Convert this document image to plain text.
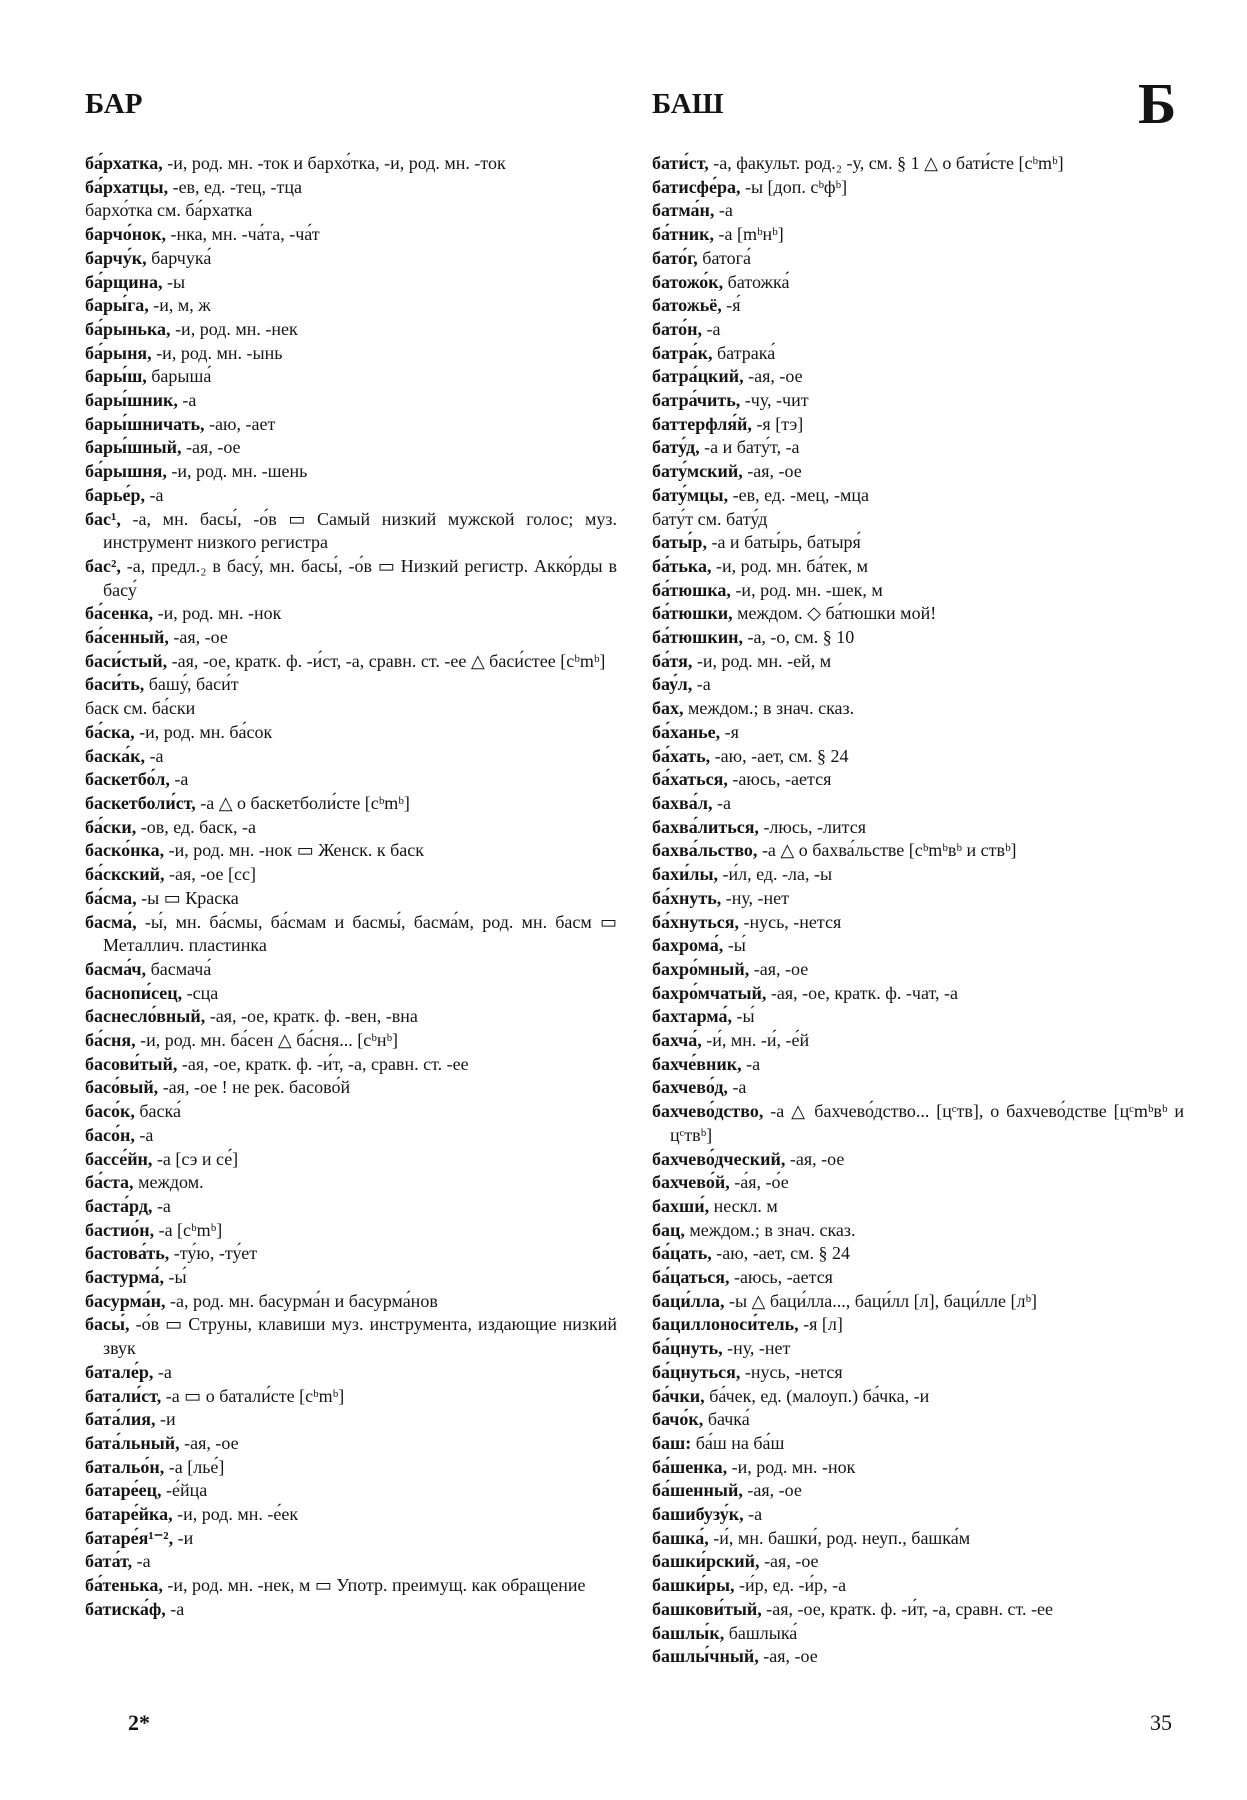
БАР	БАШ	Б
ба́рхатка, -и, род. мн. -ток и бархо́тка, -и, род. мн. -ток
ба́рхатцы, -ев, ед. -тец, -тца
бархо́тка см. ба́рхатка
барчо́нок, -нка, мн. -ча́та, -ча́т
барчу́к, барчука́
ба́рщина, -ы
бары́га, -и, м, ж
ба́рынька, -и, род. мн. -нек
ба́рыня, -и, род. мн. -ынь
бары́ш, барыша́
бары́шник, -а
бары́шничать, -аю, -ает
бары́шный, -ая, -ое
ба́рышня, -и, род. мн. -шень
барье́р, -а
бас¹, -а, мн. басы́, -о́в ▭ Самый низкий мужской голос; муз. инструмент низкого регистра
бас², -а, предл.₂ в басу́, мн. басы́, -о́в ▭ Низкий регистр. Акко́рды в басу́
ба́сенка, -и, род. мн. -нок
ба́сенный, -ая, -ое
баси́стый, -ая, -ое, кратк. ф. -и́ст, -а, сравн. ст. -ее △ баси́стее [cᵇmᵇ]
баси́ть, башу́, баси́т
баск см. ба́ски
ба́ска, -и, род. мн. ба́сок
баска́к, -а
баскетбо́л, -а
баскетболи́ст, -а △ о баскетболи́сте [cᵇmᵇ]
ба́ски, -ов, ед. баск, -а
баско́нка, -и, род. мн. -нок ▭ Женск. к баск
ба́скский, -ая, -ое [сс]
ба́сма, -ы ▭ Краска
басма́, -ы́, мн. ба́смы, ба́смам и басмы́, басма́м, род. мн. басм ▭ Металлич. пластинка
басма́ч, басмача́
баснопи́сец, -сца
баснесло́вный, -ая, -ое, кратк. ф. -вен, -вна
ба́сня, -и, род. мн. ба́сен △ ба́сня... [cᵇнᵇ]
басови́тый, -ая, -ое, кратк. ф. -и́т, -а, сравн. ст. -ее
басо́вый, -ая, -ое ! не рек. басово́й
басо́к, баска́
басо́н, -а
бассе́йн, -а [сэ и се́]
ба́ста, междом.
баста́рд, -а
бастио́н, -а [cᵇmᵇ]
бастова́ть, -ту́ю, -ту́ет
бастурма́, -ы́
басурма́н, -а, род. мн. басурма́н и басурма́нов
басы́, -о́в ▭ Струны, клавиши муз. инструмента, издающие низкий звук
батале́р, -а
батали́ст, -а ▭ о батали́сте [cᵇmᵇ]
бата́лия, -и
бата́льный, -ая, -ое
батальо́н, -а [лье́]
батаре́ец, -е́йца
батаре́йка, -и, род. мн. -е́ек
батаре́я¹⁻², -и
бата́т, -а
ба́тенька, -и, род. мн. -нек, м ▭ Употр. преимущ. как обращение
батиска́ф, -а
бати́ст, -а, факульт. род.₂ -у, см. § 1 △ о бати́сте [cᵇmᵇ]
батисфе́ра, -ы [доп. cᵇфᵇ]
батма́н, -а
ба́тник, -а [mᵇнᵇ]
бато́г, батога́
батожо́к, батожка́
батожьё, -я́
бато́н, -а
батра́к, батрака́
батра́цкий, -ая, -ое
батра́чить, -чу, -чит
баттерфля́й, -я [тэ]
бату́д, -а и бату́т, -а
бату́мский, -ая, -ое
бату́мцы, -ев, ед. -мец, -мца
бату́т см. бату́д
баты́р, -а и баты́рь, батыря́
ба́тька, -и, род. мн. ба́тек, м
ба́тюшка, -и, род. мн. -шек, м
ба́тюшки, междом. ◇ ба́тюшки мой!
ба́тюшкин, -а, -о, см. § 10
ба́тя, -и, род. мн. -ей, м
бау́л, -а
бах, междом.; в знач. сказ.
ба́ханье, -я
ба́хать, -аю, -ает, см. § 24
ба́хаться, -аюсь, -ается
бахва́л, -а
бахва́литься, -люсь, -лится
бахва́льство, -а △ о бахва́льстве [cᵇmᵇвᵇ и ствᵇ]
бахи́лы, -и́л, ед. -ла, -ы
ба́хнуть, -ну, -нет
ба́хнуться, -нусь, -нется
бахрома́, -ы́
бахро́мный, -ая, -ое
бахро́мчатый, -ая, -ое, кратк. ф. -чат, -а
бахтарма́, -ы́
бахча́, -и́, мн. -и́, -е́й
бахче́вник, -а
бахчево́д, -а
бахчево́дство, -а △ бахчево́дство... [цᶜтв], о бахчево́дстве [цᶜmᵇвᵇ и цᶜтвᵇ]
бахчево́дческий, -ая, -ое
бахчево́й, -а́я, -о́е
бахши́, нескл. м
бац, междом.; в знач. сказ.
ба́цать, -аю, -ает, см. § 24
ба́цаться, -аюсь, -ается
баци́лла, -ы △ баци́лла..., баци́лл [л], баци́лле [лᵇ]
бациллоноси́тель, -я [л]
ба́цнуть, -ну, -нет
ба́цнуться, -нусь, -нется
ба́чки, ба́чек, ед. (малоуп.) ба́чка, -и
бачо́к, бачка́
баш: ба́ш на ба́ш
ба́шенка, -и, род. мн. -нок
ба́шенный, -ая, -ое
башибузу́к, -а
башка́, -и́, мн. башки́, род. неуп., башка́м
башки́рский, -ая, -ое
башки́ры, -и́р, ед. -и́р, -а
башкови́тый, -ая, -ое, кратк. ф. -и́т, -а, сравн. ст. -ее
башлы́к, башлыка́
башлы́чный, -ая, -ое
2*	35
